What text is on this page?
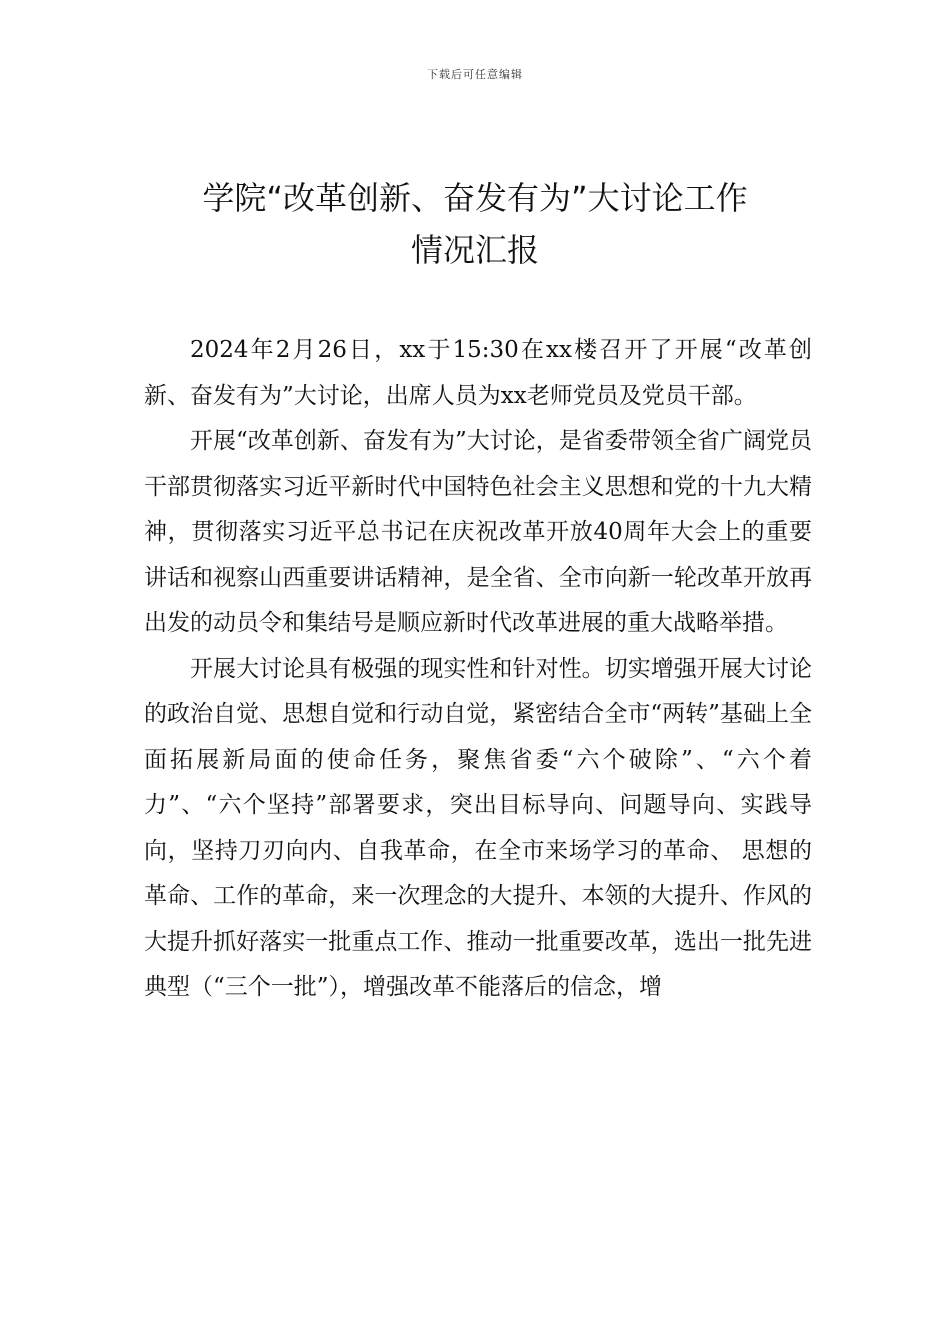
下载后可任意编辑
学院“改革创新、奋发有为”大讨论工作
情况汇报

2024年2月26日，xx于15:30在xx楼召开了开展“改革创新、奋发有为”大讨论，出席人员为xx老师党员及党员干部。

开展“改革创新、奋发有为”大讨论，是省委带领全省广阔党员干部贯彻落实习近平新时代中国特色社会主义思想和党的十九大精神，贯彻落实习近平总书记在庆祝改革开放40周年大会上的重要讲话和视察山西重要讲话精神，是全省、全市向新一轮改革开放再出发的动员令和集结号是顺应新时代改革进展的重大战略举措。

开展大讨论具有极强的现实性和针对性。切实增强开展大讨论的政治自觉、思想自觉和行动自觉，紧密结合全市“两转”基础上全面拓展新局面的使命任务，聚焦省委“六个破除”、“六个着力”、“六个坚持”部署要求，突出目标导向、问题导向、实践导向，坚持刀刃向内、自我革命，在全市来场学习的革命、 思想的革命、工作的革命，来一次理念的大提升、本领的大提升、作风的大提升抓好落实一批重点工作、推动一批重要改革，选出一批先进典型（“三个一批”），增强改革不能落后的信念，增
